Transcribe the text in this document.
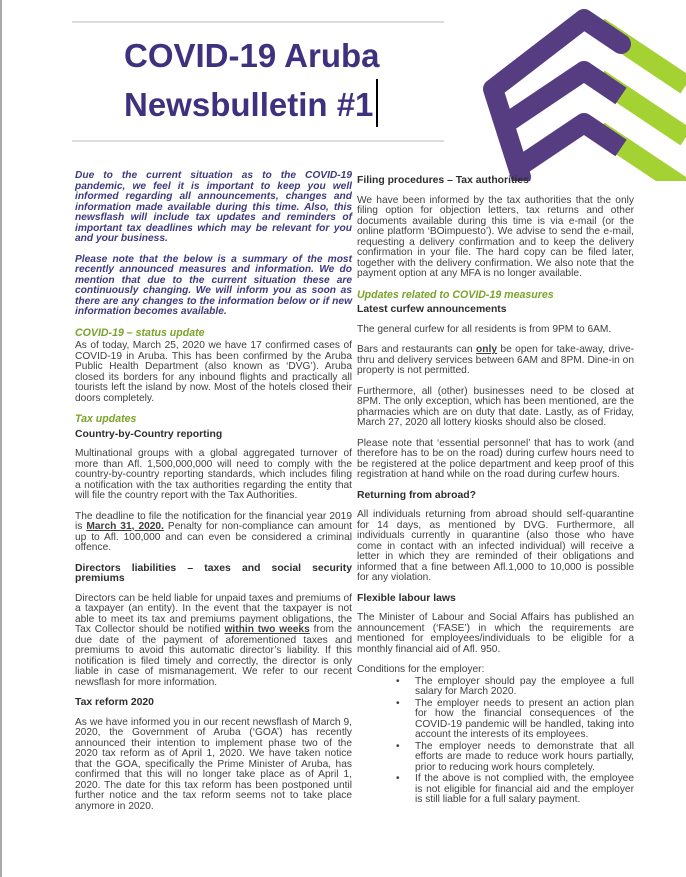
COVID-19 Aruba
Newsbulletin #1
Due to the current situation as to the COVID-19 pandemic, we feel it is important to keep you well informed regarding all announcements, changes and information made available during this time. Also, this newsflash will include tax updates and reminders of important tax deadlines which may be relevant for you and your business.
Please note that the below is a summary of the most recently announced measures and information. We do mention that due to the current situation these are continuously changing. We will inform you as soon as there are any changes to the information below or if new information becomes available.
COVID-19 – status update
As of today, March 25, 2020 we have 17 confirmed cases of COVID-19 in Aruba. This has been confirmed by the Aruba Public Health Department (also known as ‘DVG’). Aruba closed its borders for any inbound flights and practically all tourists left the island by now. Most of the hotels closed their doors completely.
Tax updates
Country-by-Country reporting
Multinational groups with a global aggregated turnover of more than Afl. 1,500,000,000 will need to comply with the country-by-country reporting standards, which includes filing a notification with the tax authorities regarding the entity that will file the country report with the Tax Authorities.
The deadline to file the notification for the financial year 2019 is March 31, 2020. Penalty for non-compliance can amount up to Afl. 100,000 and can even be considered a criminal offence.
Directors liabilities – taxes and social security premiums
Directors can be held liable for unpaid taxes and premiums of a taxpayer (an entity). In the event that the taxpayer is not able to meet its tax and premiums payment obligations, the Tax Collector should be notified within two weeks from the due date of the payment of aforementioned taxes and premiums to avoid this automatic director’s liability. If this notification is filed timely and correctly, the director is only liable in case of mismanagement. We refer to our recent newsflash for more information.
Tax reform 2020
As we have informed you in our recent newsflash of March 9, 2020, the Government of Aruba (‘GOA’) has recently announced their intention to implement phase two of the 2020 tax reform as of April 1, 2020. We have taken notice that the GOA, specifically the Prime Minister of Aruba, has confirmed that this will no longer take place as of April 1, 2020. The date for this tax reform has been postponed until further notice and the tax reform seems not to take place anymore in 2020.
Filing procedures – Tax authorities
We have been informed by the tax authorities that the only filing option for objection letters, tax returns and other documents available during this time is via e-mail (or the online platform ‘BOimpuesto’). We advise to send the e-mail, requesting a delivery confirmation and to keep the delivery confirmation in your file. The hard copy can be filed later, together with the delivery confirmation. We also note that the payment option at any MFA is no longer available.
Updates related to COVID-19 measures
Latest curfew announcements
The general curfew for all residents is from 9PM to 6AM.
Bars and restaurants can only be open for take-away, drive-thru and delivery services between 6AM and 8PM. Dine-in on property is not permitted.
Furthermore, all (other) businesses need to be closed at 8PM. The only exception, which has been mentioned, are the pharmacies which are on duty that date. Lastly, as of Friday, March 27, 2020 all lottery kiosks should also be closed.
Please note that ‘essential personnel’ that has to work (and therefore has to be on the road) during curfew hours need to be registered at the police department and keep proof of this registration at hand while on the road during curfew hours.
Returning from abroad?
All individuals returning from abroad should self-quarantine for 14 days, as mentioned by DVG. Furthermore, all individuals currently in quarantine (also those who have come in contact with an infected individual) will receive a letter in which they are reminded of their obligations and informed that a fine between Afl.1,000 to 10,000 is possible for any violation.
Flexible labour laws
The Minister of Labour and Social Affairs has published an announcement (‘FASE’) in which the requirements are mentioned for employees/individuals to be eligible for a monthly financial aid of Afl. 950.
Conditions for the employer:
• The employer should pay the employee a full salary for March 2020.
• The employer needs to present an action plan for how the financial consequences of the COVID-19 pandemic will be handled, taking into account the interests of its employees.
• The employer needs to demonstrate that all efforts are made to reduce work hours partially, prior to reducing work hours completely.
• If the above is not complied with, the employee is not eligible for financial aid and the employer is still liable for a full salary payment.
